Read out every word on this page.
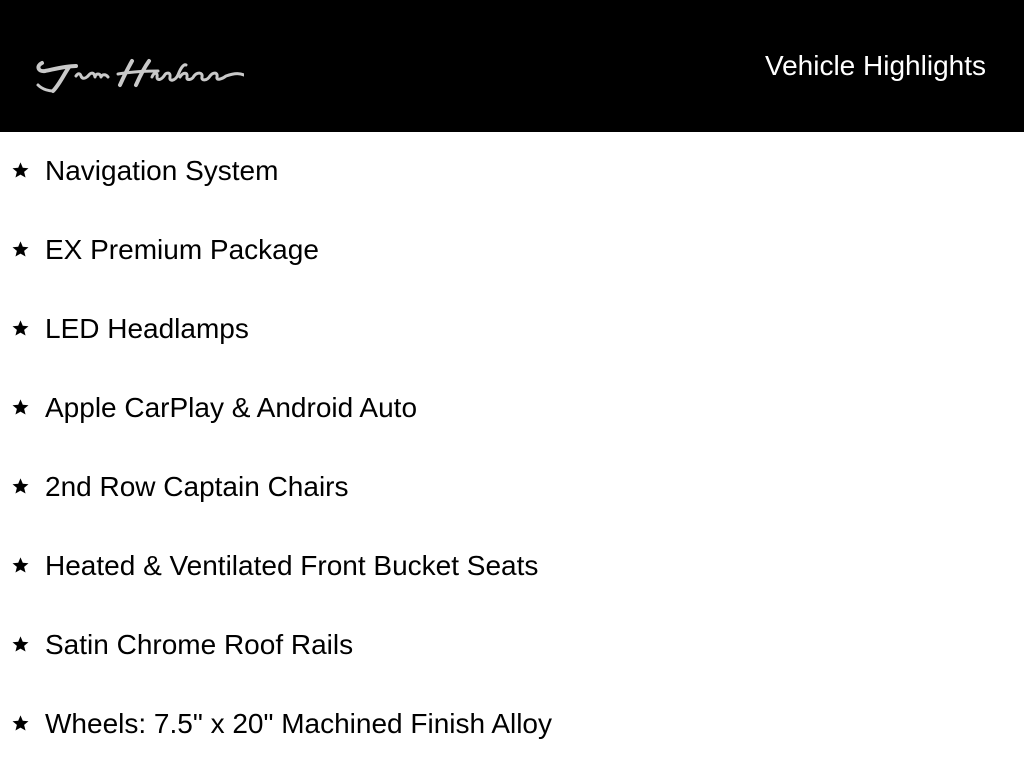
Vehicle Highlights
Navigation System
EX Premium Package
LED Headlamps
Apple CarPlay & Android Auto
2nd Row Captain Chairs
Heated & Ventilated Front Bucket Seats
Satin Chrome Roof Rails
Wheels: 7.5" x 20" Machined Finish Alloy
